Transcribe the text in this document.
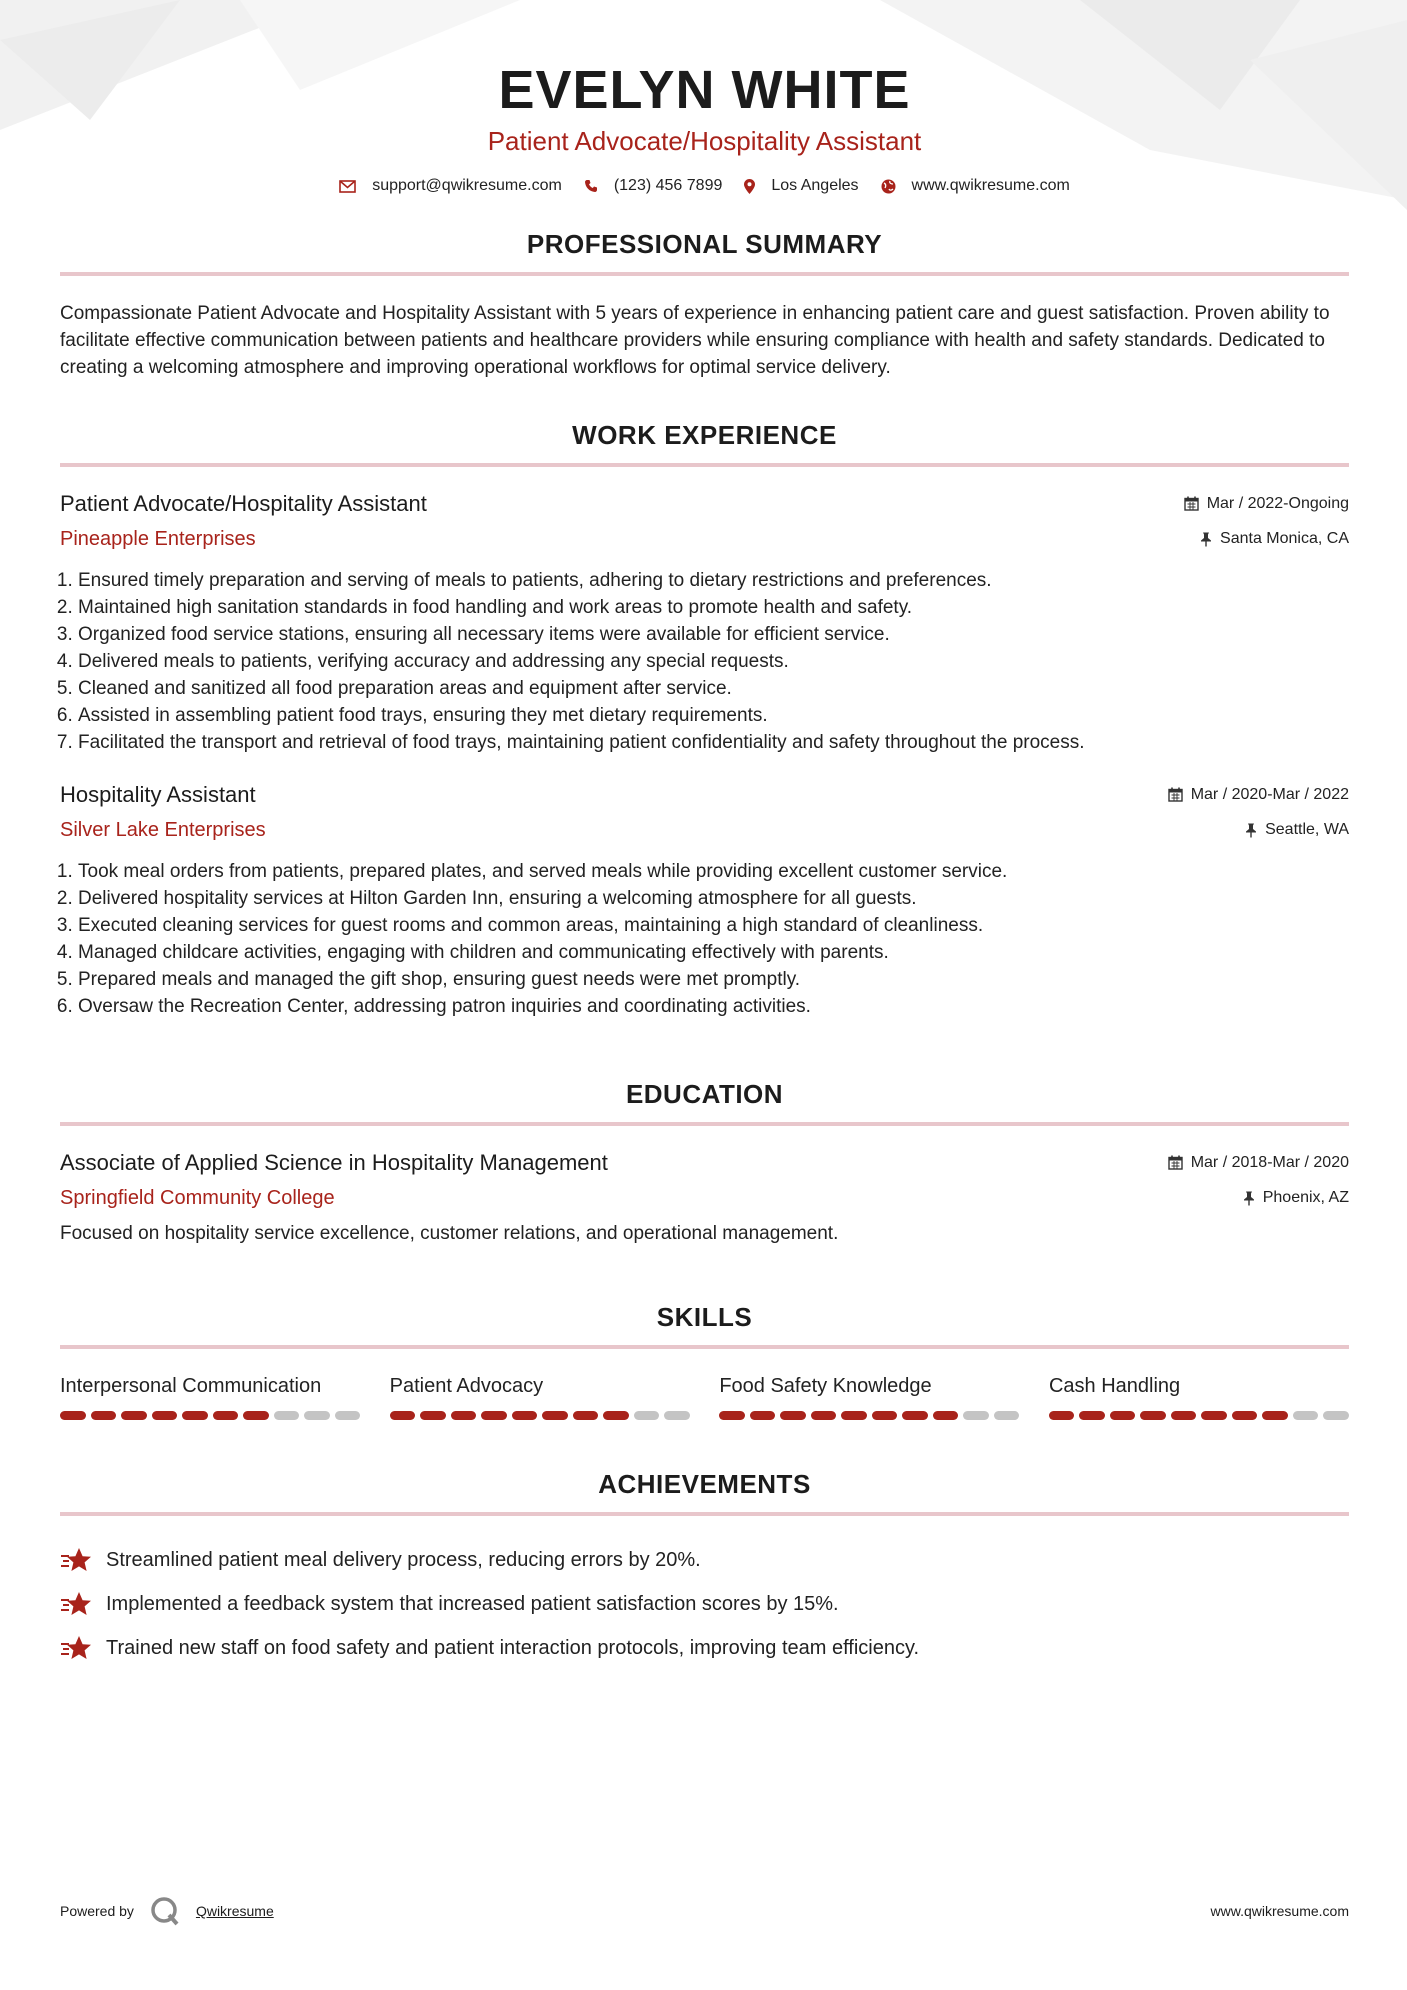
EVELYN WHITE
Patient Advocate/Hospitality Assistant
support@qwikresume.com	(123) 456 7899	Los Angeles	www.qwikresume.com
PROFESSIONAL SUMMARY
Compassionate Patient Advocate and Hospitality Assistant with 5 years of experience in enhancing patient care and guest satisfaction. Proven ability to facilitate effective communication between patients and healthcare providers while ensuring compliance with health and safety standards. Dedicated to creating a welcoming atmosphere and improving operational workflows for optimal service delivery.
WORK EXPERIENCE
Patient Advocate/Hospitality Assistant	Mar / 2022-Ongoing
Pineapple Enterprises	Santa Monica, CA
1. Ensured timely preparation and serving of meals to patients, adhering to dietary restrictions and preferences.
2. Maintained high sanitation standards in food handling and work areas to promote health and safety.
3. Organized food service stations, ensuring all necessary items were available for efficient service.
4. Delivered meals to patients, verifying accuracy and addressing any special requests.
5. Cleaned and sanitized all food preparation areas and equipment after service.
6. Assisted in assembling patient food trays, ensuring they met dietary requirements.
7. Facilitated the transport and retrieval of food trays, maintaining patient confidentiality and safety throughout the process.
Hospitality Assistant	Mar / 2020-Mar / 2022
Silver Lake Enterprises	Seattle, WA
1. Took meal orders from patients, prepared plates, and served meals while providing excellent customer service.
2. Delivered hospitality services at Hilton Garden Inn, ensuring a welcoming atmosphere for all guests.
3. Executed cleaning services for guest rooms and common areas, maintaining a high standard of cleanliness.
4. Managed childcare activities, engaging with children and communicating effectively with parents.
5. Prepared meals and managed the gift shop, ensuring guest needs were met promptly.
6. Oversaw the Recreation Center, addressing patron inquiries and coordinating activities.
EDUCATION
Associate of Applied Science in Hospitality Management	Mar / 2018-Mar / 2020
Springfield Community College	Phoenix, AZ
Focused on hospitality service excellence, customer relations, and operational management.
SKILLS
Interpersonal Communication	Patient Advocacy	Food Safety Knowledge	Cash Handling
ACHIEVEMENTS
Streamlined patient meal delivery process, reducing errors by 20%.
Implemented a feedback system that increased patient satisfaction scores by 15%.
Trained new staff on food safety and patient interaction protocols, improving team efficiency.
Powered by	Qwikresume	www.qwikresume.com
